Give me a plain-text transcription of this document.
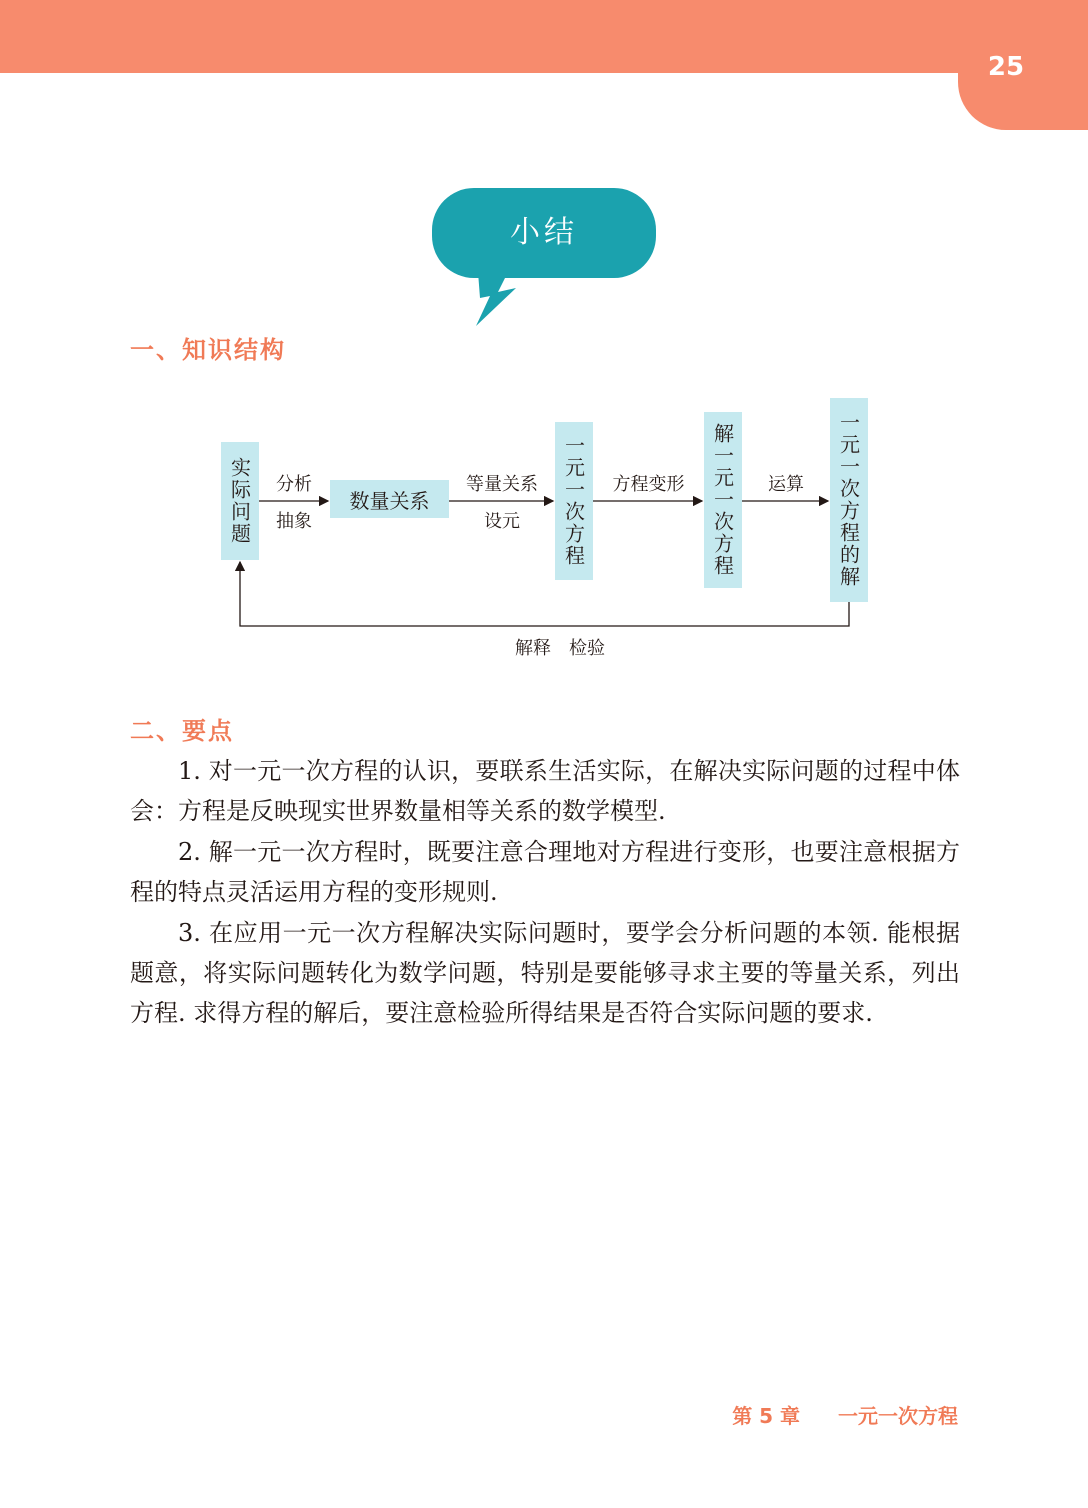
25
小结
一、知识结构
实际问题	数量关系	一元一次方程	解一元一次方程	一元一次方程的解
分析
抽象
等量关系
设元
方程变形	运算
解释　检验
二、要点
1. 对一元一次方程的认识，要联系生活实际，在解决实际问题的过程中体会：方程是反映现实世界数量相等关系的数学模型.
2. 解一元一次方程时，既要注意合理地对方程进行变形，也要注意根据方程的特点灵活运用方程的变形规则.
3. 在应用一元一次方程解决实际问题时，要学会分析问题的本领. 能根据题意，将实际问题转化为数学问题，特别是要能够寻求主要的等量关系，列出方程. 求得方程的解后，要注意检验所得结果是否符合实际问题的要求.
第 5 章 一元一次方程
